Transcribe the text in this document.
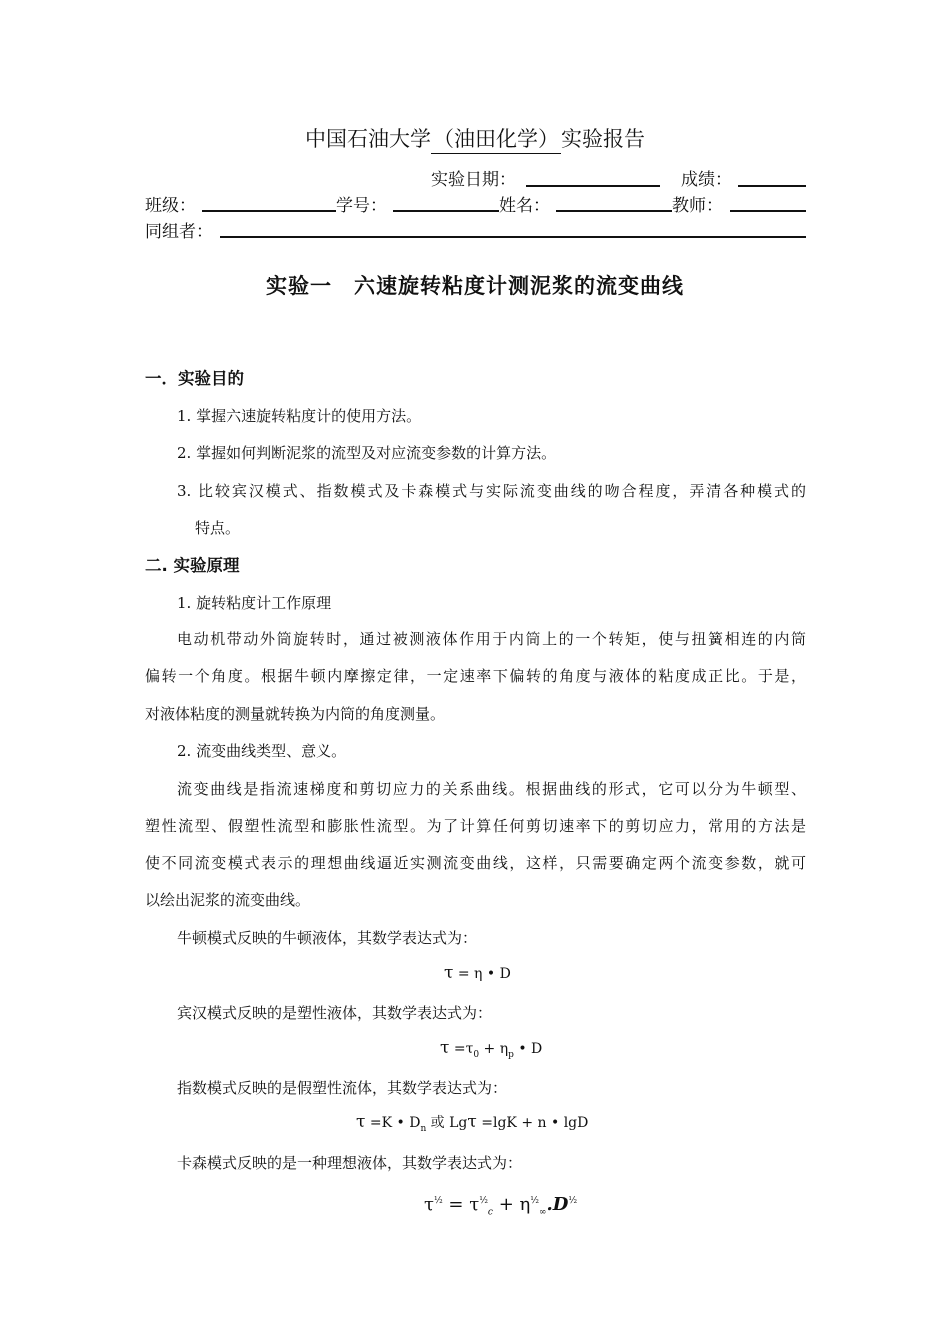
中国石油大学（油田化学）实验报告
实验日期：	成绩：
班级：	学号：	姓名：	教师：
同组者：
实验一　六速旋转粘度计测泥浆的流变曲线
一．实验目的
1. 掌握六速旋转粘度计的使用方法。
2. 掌握如何判断泥浆的流型及对应流变参数的计算方法。
3. 比较宾汉模式、指数模式及卡森模式与实际流变曲线的吻合程度，弄清各种模式的
特点。
二. 实验原理
1. 旋转粘度计工作原理
电动机带动外筒旋转时，通过被测液体作用于内筒上的一个转矩，使与扭簧相连的内筒
偏转一个角度。根据牛顿内摩擦定律，一定速率下偏转的角度与液体的粘度成正比。于是，
对液体粘度的测量就转换为内筒的角度测量。
2. 流变曲线类型、意义。
流变曲线是指流速梯度和剪切应力的关系曲线。根据曲线的形式，它可以分为牛顿型、
塑性流型、假塑性流型和膨胀性流型。为了计算任何剪切速率下的剪切应力，常用的方法是
使不同流变模式表示的理想曲线逼近实测流变曲线，这样，只需要确定两个流变参数，就可
以绘出泥浆的流变曲线。
牛顿模式反映的牛顿液体，其数学表达式为：
τ = η • D
宾汉模式反映的是塑性液体，其数学表达式为：
$\tau =\tau_0 + \eta_p$ • D
指数模式反映的是假塑性流体，其数学表达式为：
τ =K • $D_n$ 或 Lgτ =lgK + n • lgD
卡森模式反映的是一种理想液体，其数学表达式为：
$\tau^{\frac{1}{2}} = \tau^{\frac{1}{2}}_c + \eta^{\frac{1}{2}}_\infty.D^{\frac{1}{2}}$
